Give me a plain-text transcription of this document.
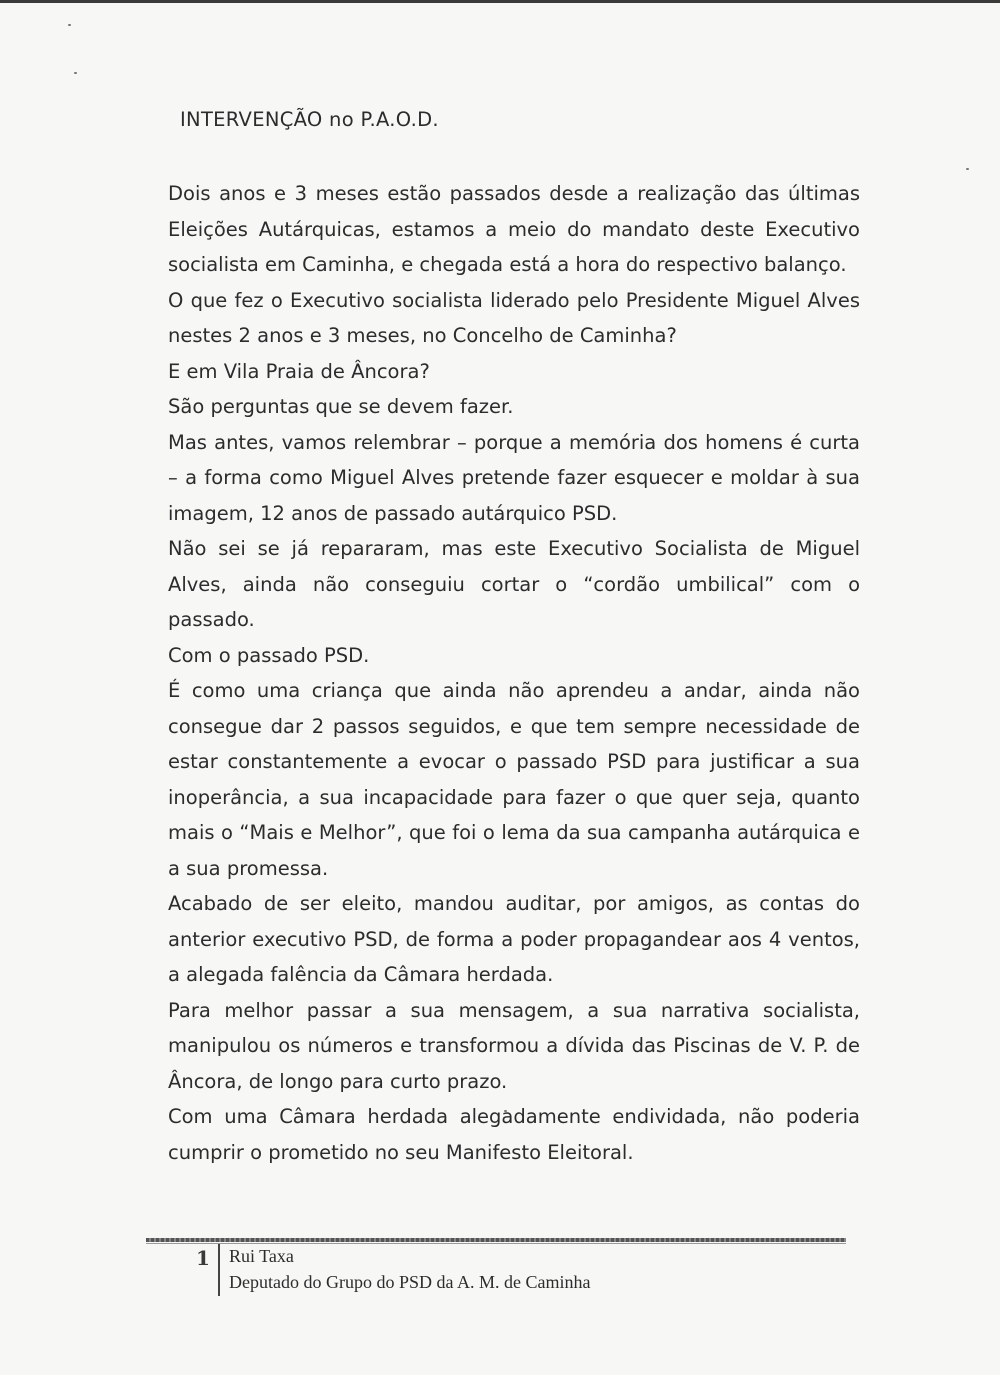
INTERVENÇÃO no P.A.O.D.

Dois anos e 3 meses estão passados desde a realização das últimas Eleições Autárquicas, estamos a meio do mandato deste Executivo socialista em Caminha, e chegada está a hora do respectivo balanço.

O que fez o Executivo socialista liderado pelo Presidente Miguel Alves nestes 2 anos e 3 meses, no Concelho de Caminha?

E em Vila Praia de Âncora?

São perguntas que se devem fazer.

Mas antes, vamos relembrar – porque a memória dos homens é curta – a forma como Miguel Alves pretende fazer esquecer e moldar à sua imagem, 12 anos de passado autárquico PSD.

Não sei se já repararam, mas este Executivo Socialista de Miguel Alves, ainda não conseguiu cortar o “cordão umbilical” com o passado.

Com o passado PSD.

É como uma criança que ainda não aprendeu a andar, ainda não consegue dar 2 passos seguidos, e que tem sempre necessidade de estar constantemente a evocar o passado PSD para justificar a sua inoperância, a sua incapacidade para fazer o que quer seja, quanto mais o “Mais e Melhor”, que foi o lema da sua campanha autárquica e a sua promessa.

Acabado de ser eleito, mandou auditar, por amigos, as contas do anterior executivo PSD, de forma a poder propagandear aos 4 ventos, a alegada falência da Câmara herdada.

Para melhor passar a sua mensagem, a sua narrativa socialista, manipulou os números e transformou a dívida das Piscinas de V. P. de Âncora, de longo para curto prazo.

Com uma Câmara herdada alegadamente endividada, não poderia cumprir o prometido no seu Manifesto Eleitoral.

1 Rui Taxa
Deputado do Grupo do PSD da A. M. de Caminha
